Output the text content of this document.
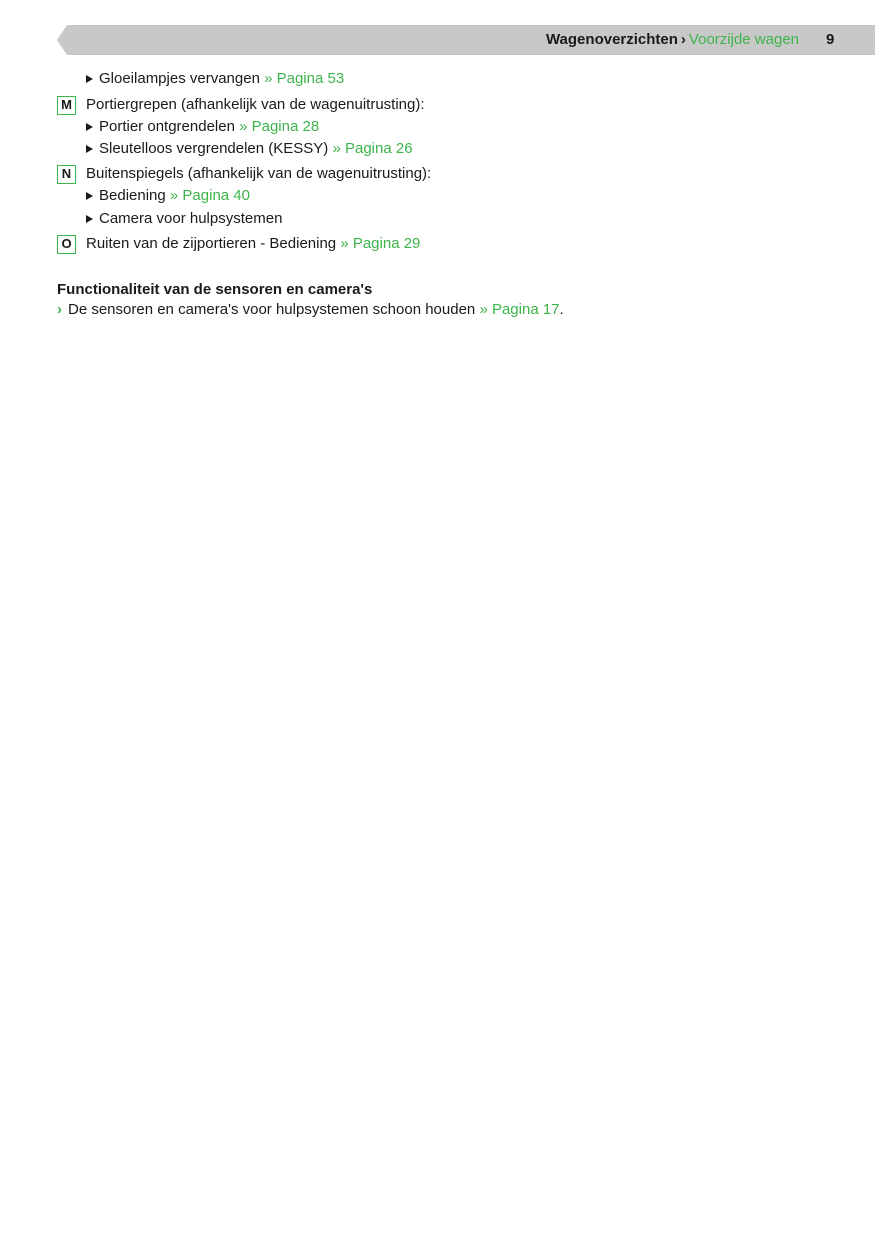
Wagenoverzichten › Voorzijde wagen 9
Gloeilampjes vervangen » Pagina 53
M Portiergrepen (afhankelijk van de wagenuitrusting):
Portier ontgrendelen » Pagina 28
Sleutelloos vergrendelen (KESSY) » Pagina 26
N Buitenspiegels (afhankelijk van de wagenuitrusting):
Bediening » Pagina 40
Camera voor hulpsystemen
O Ruiten van de zijportieren - Bediening » Pagina 29
Functionaliteit van de sensoren en camera's
› De sensoren en camera's voor hulpsystemen schoon houden » Pagina 17.
